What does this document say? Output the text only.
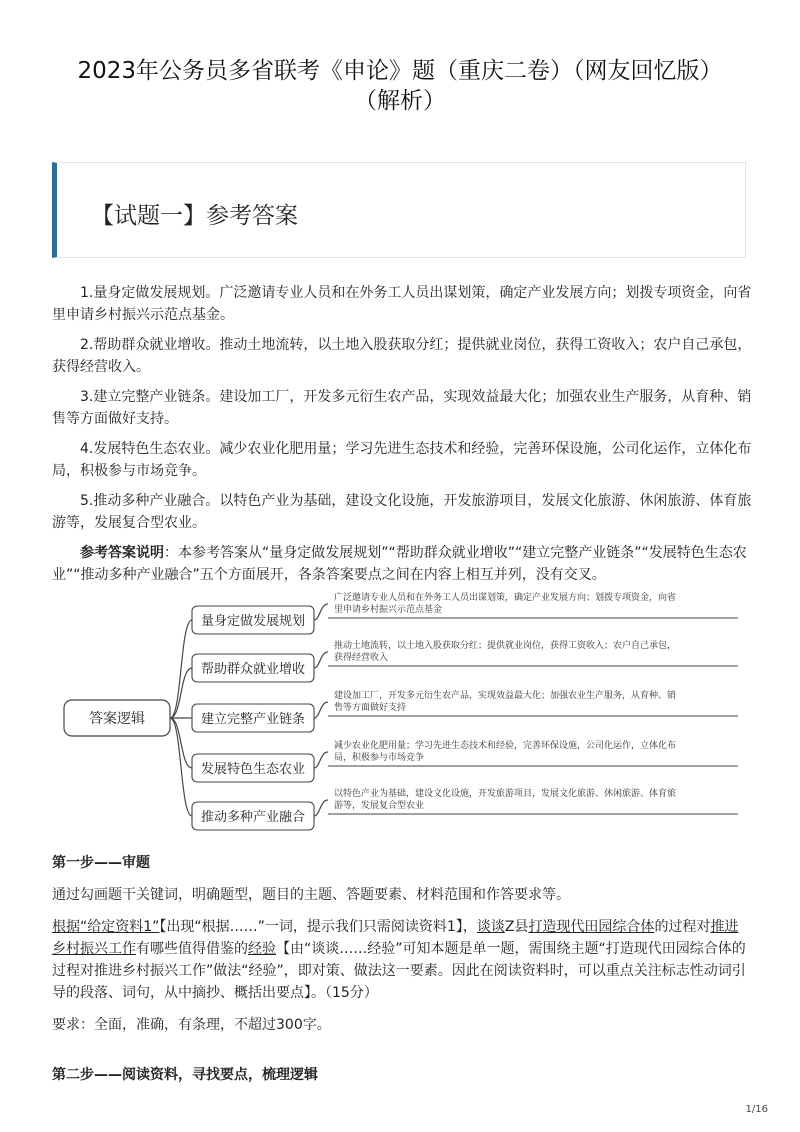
2023年公务员多省联考《申论》题（重庆二卷）（网友回忆版）
（解析）
【试题一】参考答案
1.量身定做发展规划。广泛邀请专业人员和在外务工人员出谋划策，确定产业发展方向；划拨专项资金，向省里申请乡村振兴示范点基金。
2.帮助群众就业增收。推动土地流转，以土地入股获取分红；提供就业岗位，获得工资收入；农户自己承包，获得经营收入。
3.建立完整产业链条。建设加工厂，开发多元衍生农产品，实现效益最大化；加强农业生产服务，从育种、销售等方面做好支持。
4.发展特色生态农业。减少农业化肥用量；学习先进生态技术和经验，完善环保设施，公司化运作，立体化布局，积极参与市场竞争。
5.推动多种产业融合。以特色产业为基础，建设文化设施，开发旅游项目，发展文化旅游、休闲旅游、体育旅游等，发展复合型农业。
参考答案说明：本参考答案从“量身定做发展规划”“帮助群众就业增收”“建立完整产业链条”“发展特色生态农业”“推动多种产业融合”五个方面展开，各条答案要点之间在内容上相互并列，没有交叉。
答案逻辑
量身定做发展规划
广泛邀请专业人员和在外务工人员出谋划策，确定产业发展方向；划拨专项资金，向省
里申请乡村振兴示范点基金
帮助群众就业增收
推动土地流转，以土地入股获取分红；提供就业岗位，获得工资收入；农户自己承包，
获得经营收入
建立完整产业链条
建设加工厂，开发多元衍生农产品，实现效益最大化；加强农业生产服务，从育种、销
售等方面做好支持
发展特色生态农业
减少农业化肥用量；学习先进生态技术和经验，完善环保设施，公司化运作，立体化布
局，积极参与市场竞争
推动多种产业融合
以特色产业为基础，建设文化设施，开发旅游项目，发展文化旅游、休闲旅游、体育旅
游等，发展复合型农业
第一步——审题
通过勾画题干关键词，明确题型，题目的主题、答题要素、材料范围和作答要求等。
根据“给定资料1”【出现“根据……”一词，提示我们只需阅读资料1】，谈谈Z县打造现代田园综合体的过程对推进乡村振兴工作有哪些值得借鉴的经验【由“谈谈……经验”可知本题是单一题，需围绕主题“打造现代田园综合体的过程对推进乡村振兴工作”做法“经验”，即对策、做法这一要素。因此在阅读资料时，可以重点关注标志性动词引导的段落、词句，从中摘抄、概括出要点】。（15分）
要求：全面，准确，有条理，不超过300字。
第二步——阅读资料，寻找要点，梳理逻辑
1/16
